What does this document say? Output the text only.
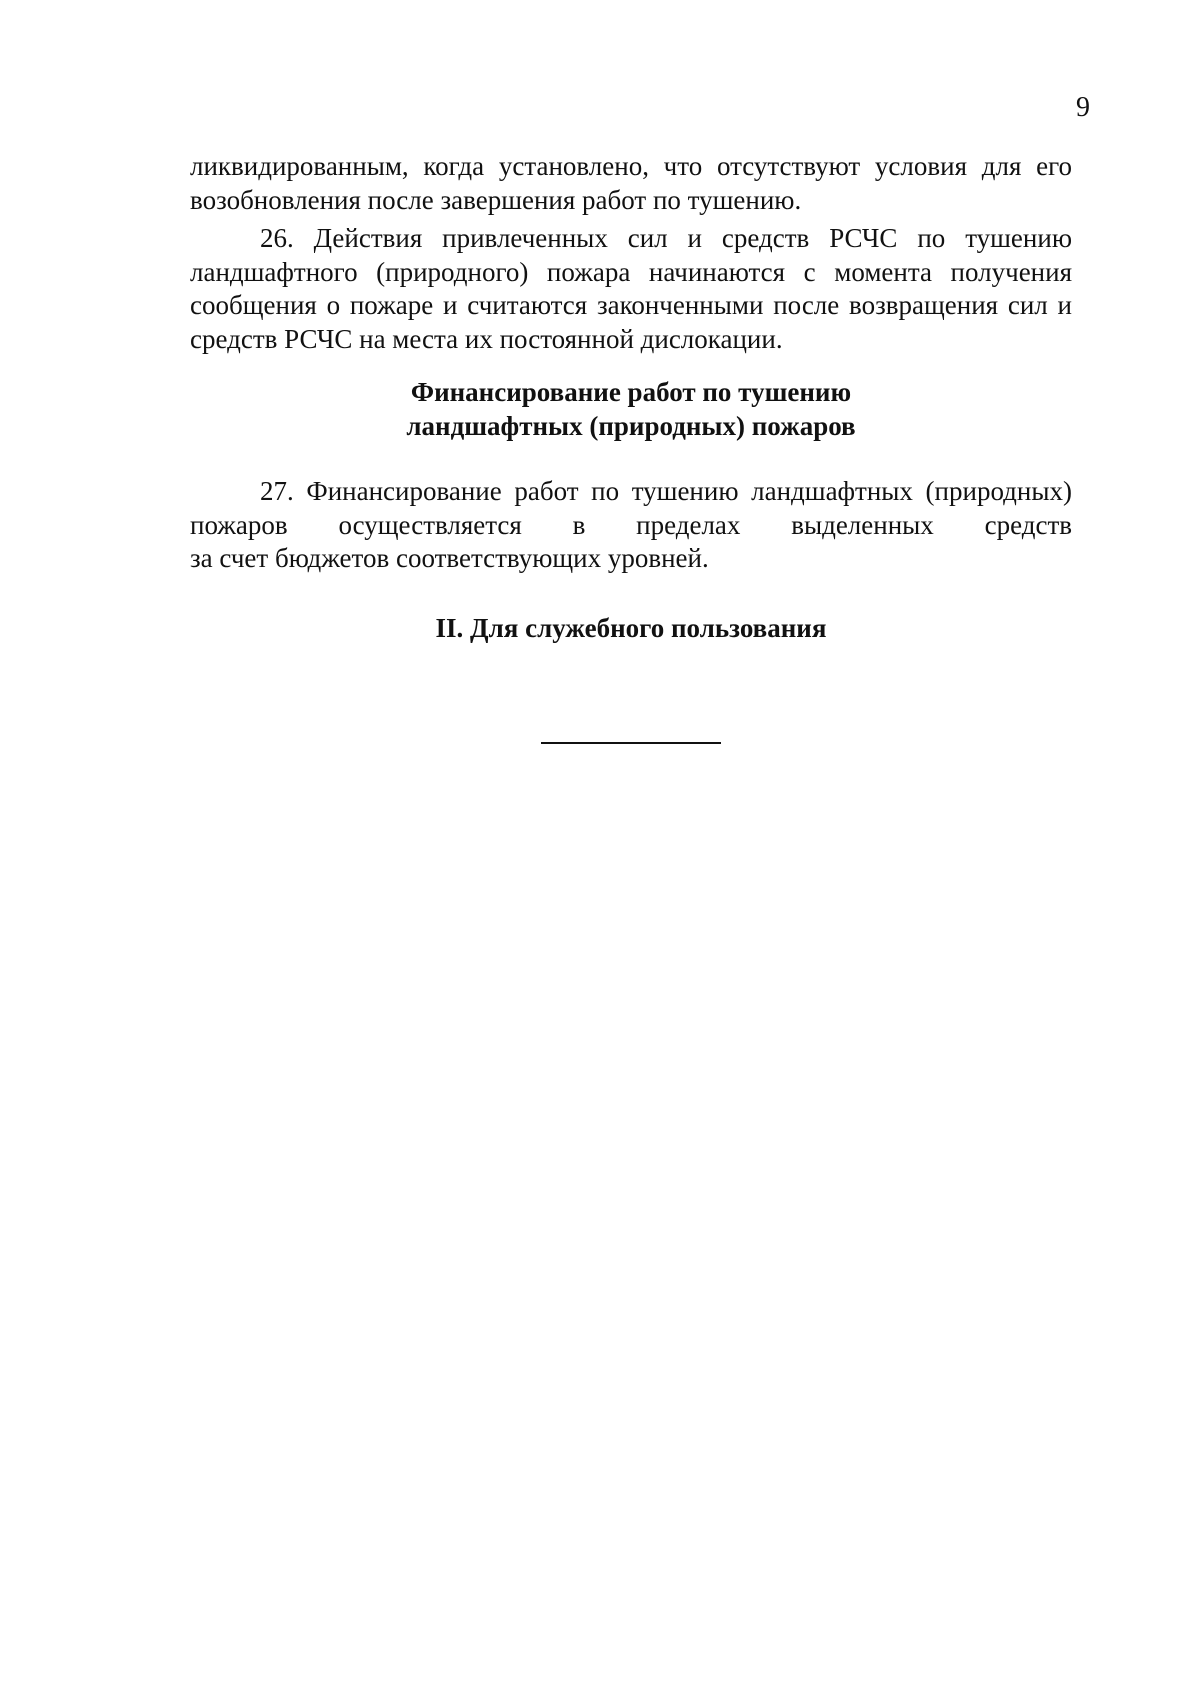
9

ликвидированным, когда установлено, что отсутствуют условия для его возобновления после завершения работ по тушению.

26. Действия привлеченных сил и средств РСЧС по тушению ландшафтного (природного) пожара начинаются с момента получения сообщения о пожаре и считаются законченными после возвращения сил и средств РСЧС на места их постоянной дислокации.

Финансирование работ по тушению
ландшафтных (природных) пожаров
27. Финансирование работ по тушению ландшафтных (природных)
пожаров осуществляется в пределах выделенных средств
за счет бюджетов соответствующих уровней.
II. Для служебного пользования
